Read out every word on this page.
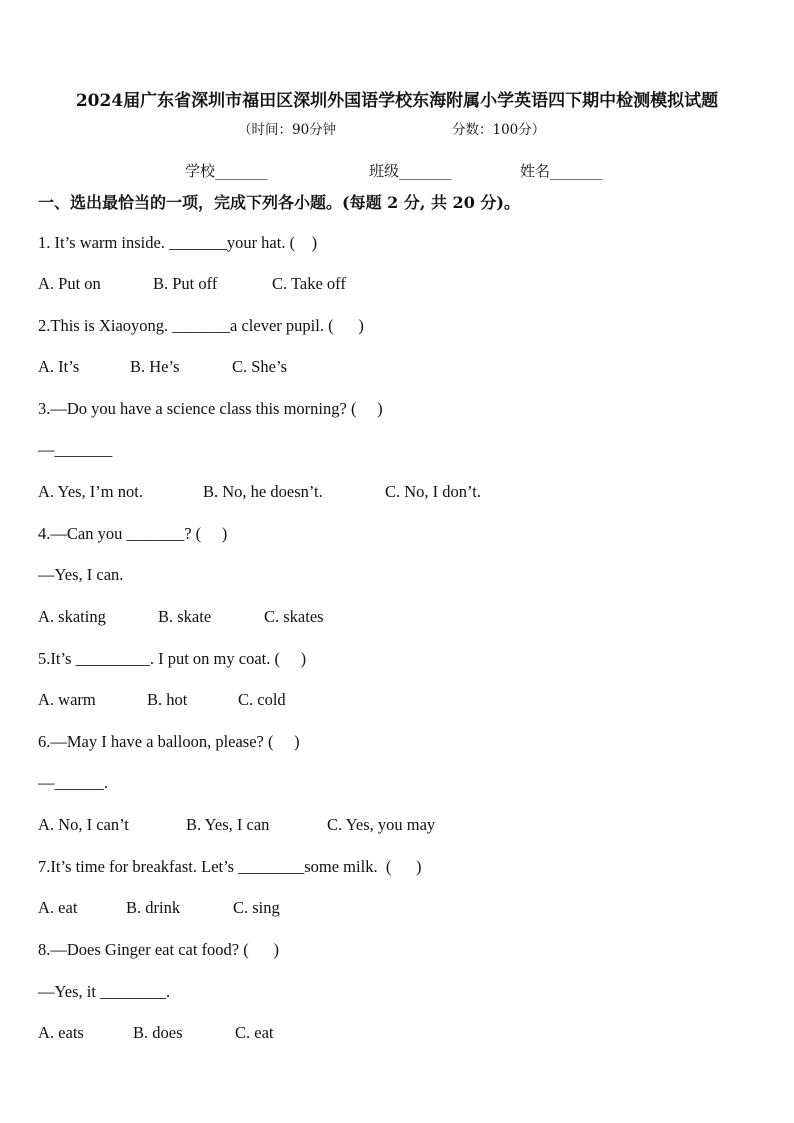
2024届广东省深圳市福田区深圳外国语学校东海附属小学英语四下期中检测模拟试题
（时间：90分钟	分数：100分）
学校_______	班级_______	姓名_______
一、选出最恰当的一项，完成下列各小题。(每题 2 分, 共 20 分)。
1. It’s warm inside. _______your hat. (    )
A. Put on	B. Put off	C. Take off
2.This is Xiaoyong. _______a clever pupil. (      )
A. It’s	B. He’s	C. She’s
3.—Do you have a science class this morning? (     )
—_______
A. Yes, I’m not.	B. No, he doesn’t.	C. No, I don’t.
4.—Can you _______? (     )
—Yes, I can.
A. skating	B. skate	C. skates
5.It’s _________. I put on my coat. (     )
A. warm	B. hot	C. cold
6.—May I have a balloon, please? (     )
—______.
A. No, I can’t	B. Yes, I can	C. Yes, you may
7.It’s time for breakfast. Let’s ________some milk.  (      )
A. eat	B. drink	C. sing
8.—Does Ginger eat cat food? (      )
—Yes, it ________.
A. eats	B. does	C. eat
